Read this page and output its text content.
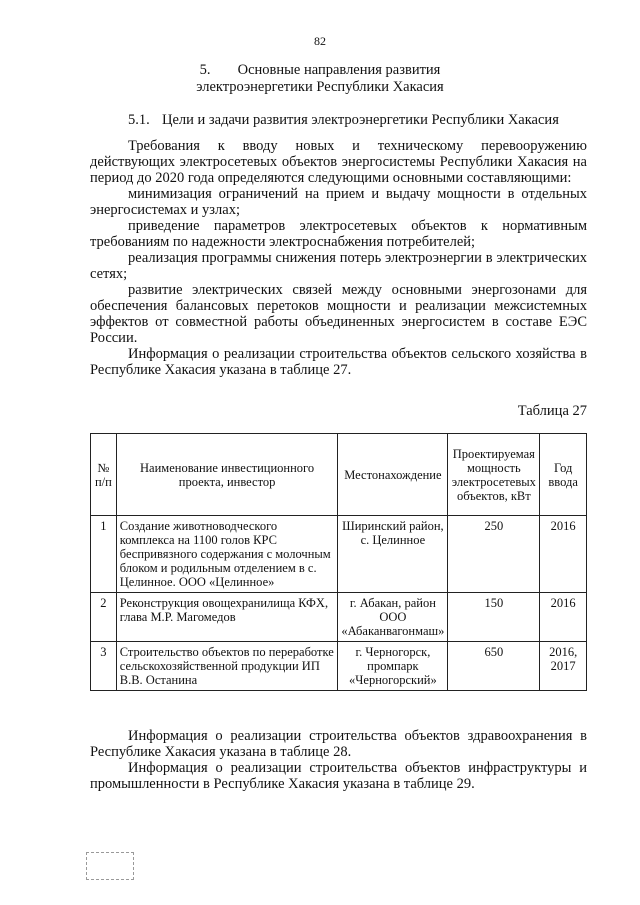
82
5. Основные направления развития
электроэнергетики Республики Хакасия
5.1. Цели и задачи развития электроэнергетики Республики Хакасия
Требования к вводу новых и техническому перевооружению действующих электросетевых объектов энергосистемы Республики Хакасия на период до 2020 года определяются следующими основными составляющими:
минимизация ограничений на прием и выдачу мощности в отдельных энергосистемах и узлах;
приведение параметров электросетевых объектов к нормативным требованиям по надежности электроснабжения потребителей;
реализация программы снижения потерь электроэнергии в электрических сетях;
развитие электрических связей между основными энергозонами для обеспечения балансовых перетоков мощности и реализации межсистемных эффектов от совместной работы объединенных энергосистем в составе ЕЭС России.
Информация о реализации строительства объектов сельского хозяйства в Республике Хакасия указана в таблице 27.
Таблица 27
№ п/п	Наименование инвестиционного проекта, инвестор	Местонахождение	Проектируемая мощность электросетевых объектов, кВт	Год ввода
1	Создание животноводческого комплекса на 1100 голов КРС беспривязного содержания с молочным блоком и родильным отделением в с. Целинное. ООО «Целинное»	Ширинский район, с. Целинное	250	2016
2	Реконструкция овощехранилища КФХ, глава М.Р. Магомедов	г. Абакан, район ООО «Абаканвагонмаш»	150	2016
3	Строительство объектов по переработке сельскохозяйственной продукции ИП В.В. Останина	г. Черногорск, промпарк «Черногорский»	650	2016, 2017
Информация о реализации строительства объектов здравоохранения в Республике Хакасия указана в таблице 28.
Информация о реализации строительства объектов инфраструктуры и промышленности в Республике Хакасия указана в таблице 29.
